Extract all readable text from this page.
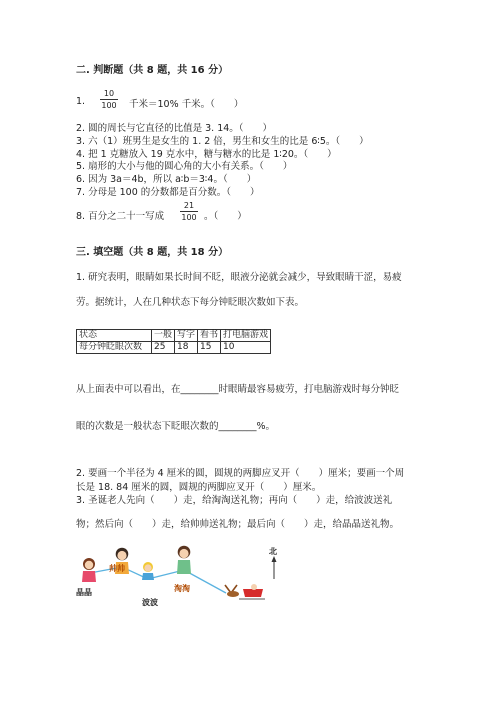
二. 判断题（共 8 题，共 16 分）
1.
10
100 千米＝10% 千米。（　　）
2. 圆的周长与它直径的比值是 3. 14。（　　）
3. 六（1）班男生是女生的 1. 2 倍，男生和女生的比是 6∶5。（　　）
4. 把 1 克糖放入 19 克水中，糖与糖水的比是 1∶20。（　　）
5. 扇形的大小与他的圆心角的大小有关系。（　　）
6. 因为 3a＝4b，所以 a∶b＝3∶4。（　　）
7. 分母是 100 的分数都是百分数。（　　）
8. 百分之二十一写成
21
100 。（　　）
三. 填空题（共 8 题，共 18 分）
1. 研究表明，眼睛如果长时间不眨，眼液分泌就会减少，导致眼睛干涩，易疲
劳。据统计，人在几种状态下每分钟眨眼次数如下表。
状态	一般	写字	看书	打电脑游戏
每分钟眨眼次数	25	18	15	10
从上面表中可以看出，在________时眼睛最容易疲劳，打电脑游戏时每分钟眨
眼的次数是一般状态下眨眼次数的________%。
2. 要画一个半径为 4 厘米的圆，圆规的两脚应叉开（　　）厘米；要画一个周
长是 18. 84 厘米的圆，圆规的两脚应叉开（　　）厘米。
3. 圣诞老人先向（　　）走，给淘淘送礼物；再向（　　）走，给波波送礼
物；然后向（　　）走，给帅帅送礼物；最后向（　　）走，给晶晶送礼物。
晶晶
帅帅
波波
淘淘
北
